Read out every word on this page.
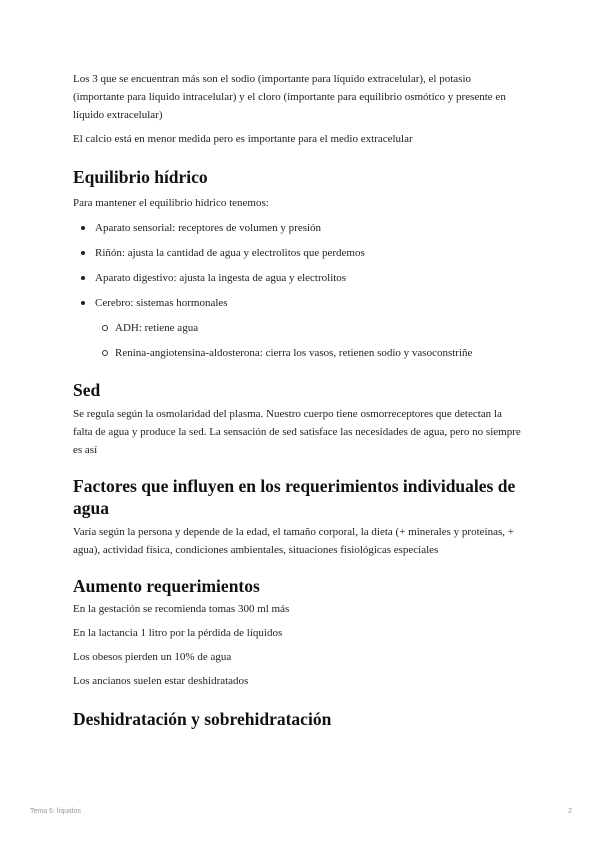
Los 3 que se encuentran más son el sodio (importante para líquido extracelular), el potasio (importante para líquido intracelular) y el cloro (importante para equilibrio osmótico y presente en líquido extracelular)

El calcio está en menor medida pero es importante para el medio extracelular

Equilibrio hídrico

Para mantener el equilibrio hídrico tenemos:

Aparato sensorial: receptores de volumen y presión
Riñón: ajusta la cantidad de agua y electrolitos que perdemos
Aparato digestivo: ajusta la ingesta de agua y electrolitos
Cerebro: sistemas hormonales
ADH: retiene agua
Renina-angiotensina-aldosterona: cierra los vasos, retienen sodio y vasoconstriñe
Sed

Se regula según la osmolaridad del plasma. Nuestro cuerpo tiene osmorreceptores que detectan la falta de agua y produce la sed. La sensación de sed satisface las necesidades de agua, pero no siempre es así

Factores que influyen en los requerimientos individuales de agua

Varía según la persona y depende de la edad, el tamaño corporal, la dieta (+ minerales y proteínas, + agua), actividad física, condiciones ambientales, situaciones fisiológicas especiales

Aumento requerimientos

En la gestación se recomienda tomas 300 ml más

En la lactancia 1 litro por la pérdida de líquidos

Los obesos pierden un 10% de agua

Los ancianos suelen estar deshidratados

Deshidratación y sobrehidratación
Tema 6: líquidos	2
